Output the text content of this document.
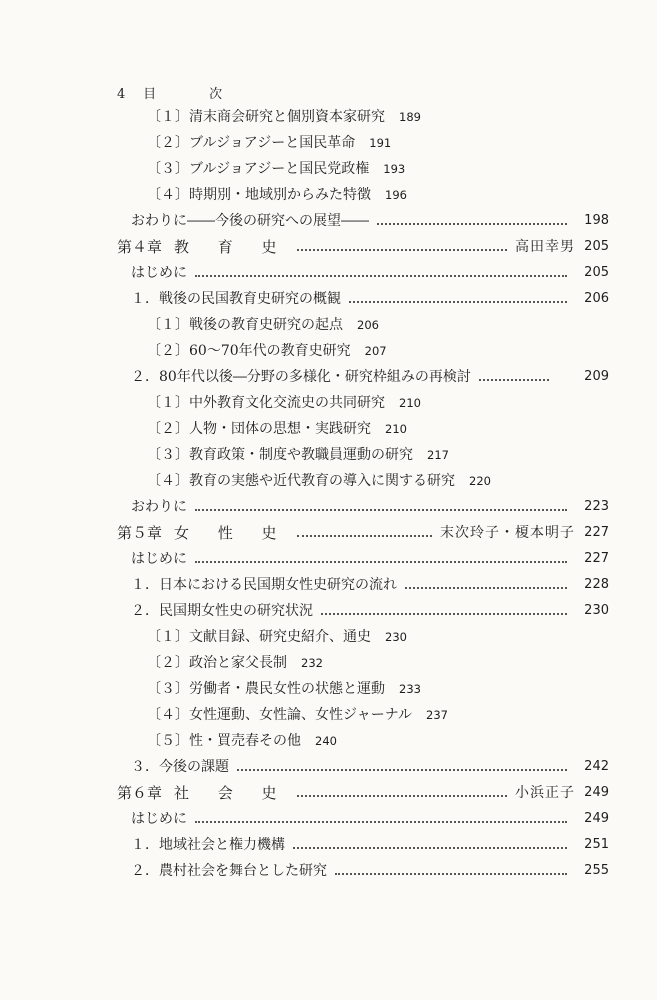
4 目　次
〔１〕清末商会研究と個別資本家研究 189
〔２〕ブルジョアジーと国民革命 191
〔３〕ブルジョアジーと国民党政権 193
〔４〕時期別・地域別からみた特徴 196
おわりに――今後の研究への展望――	198
第４章 教 育 史	高田幸男 205
はじめに	205
１．戦後の民国教育史研究の概観	206
〔１〕戦後の教育史研究の起点 206
〔２〕60～70年代の教育史研究 207
２．80年代以後―分野の多様化・研究枠組みの再検討	209
〔１〕中外教育文化交流史の共同研究 210
〔２〕人物・団体の思想・実践研究 210
〔３〕教育政策・制度や教職員運動の研究 217
〔４〕教育の実態や近代教育の導入に関する研究 220
おわりに	223
第５章 女 性 史	末次玲子・榎本明子 227
はじめに	227
１．日本における民国期女性史研究の流れ	228
２．民国期女性史の研究状況	230
〔１〕文献目録、研究史紹介、通史 230
〔２〕政治と家父長制 232
〔３〕労働者・農民女性の状態と運動 233
〔４〕女性運動、女性論、女性ジャーナル 237
〔５〕性・買売春その他 240
３．今後の課題	242
第６章 社 会 史	小浜正子 249
はじめに	249
１．地域社会と権力機構	251
２．農村社会を舞台とした研究	255
